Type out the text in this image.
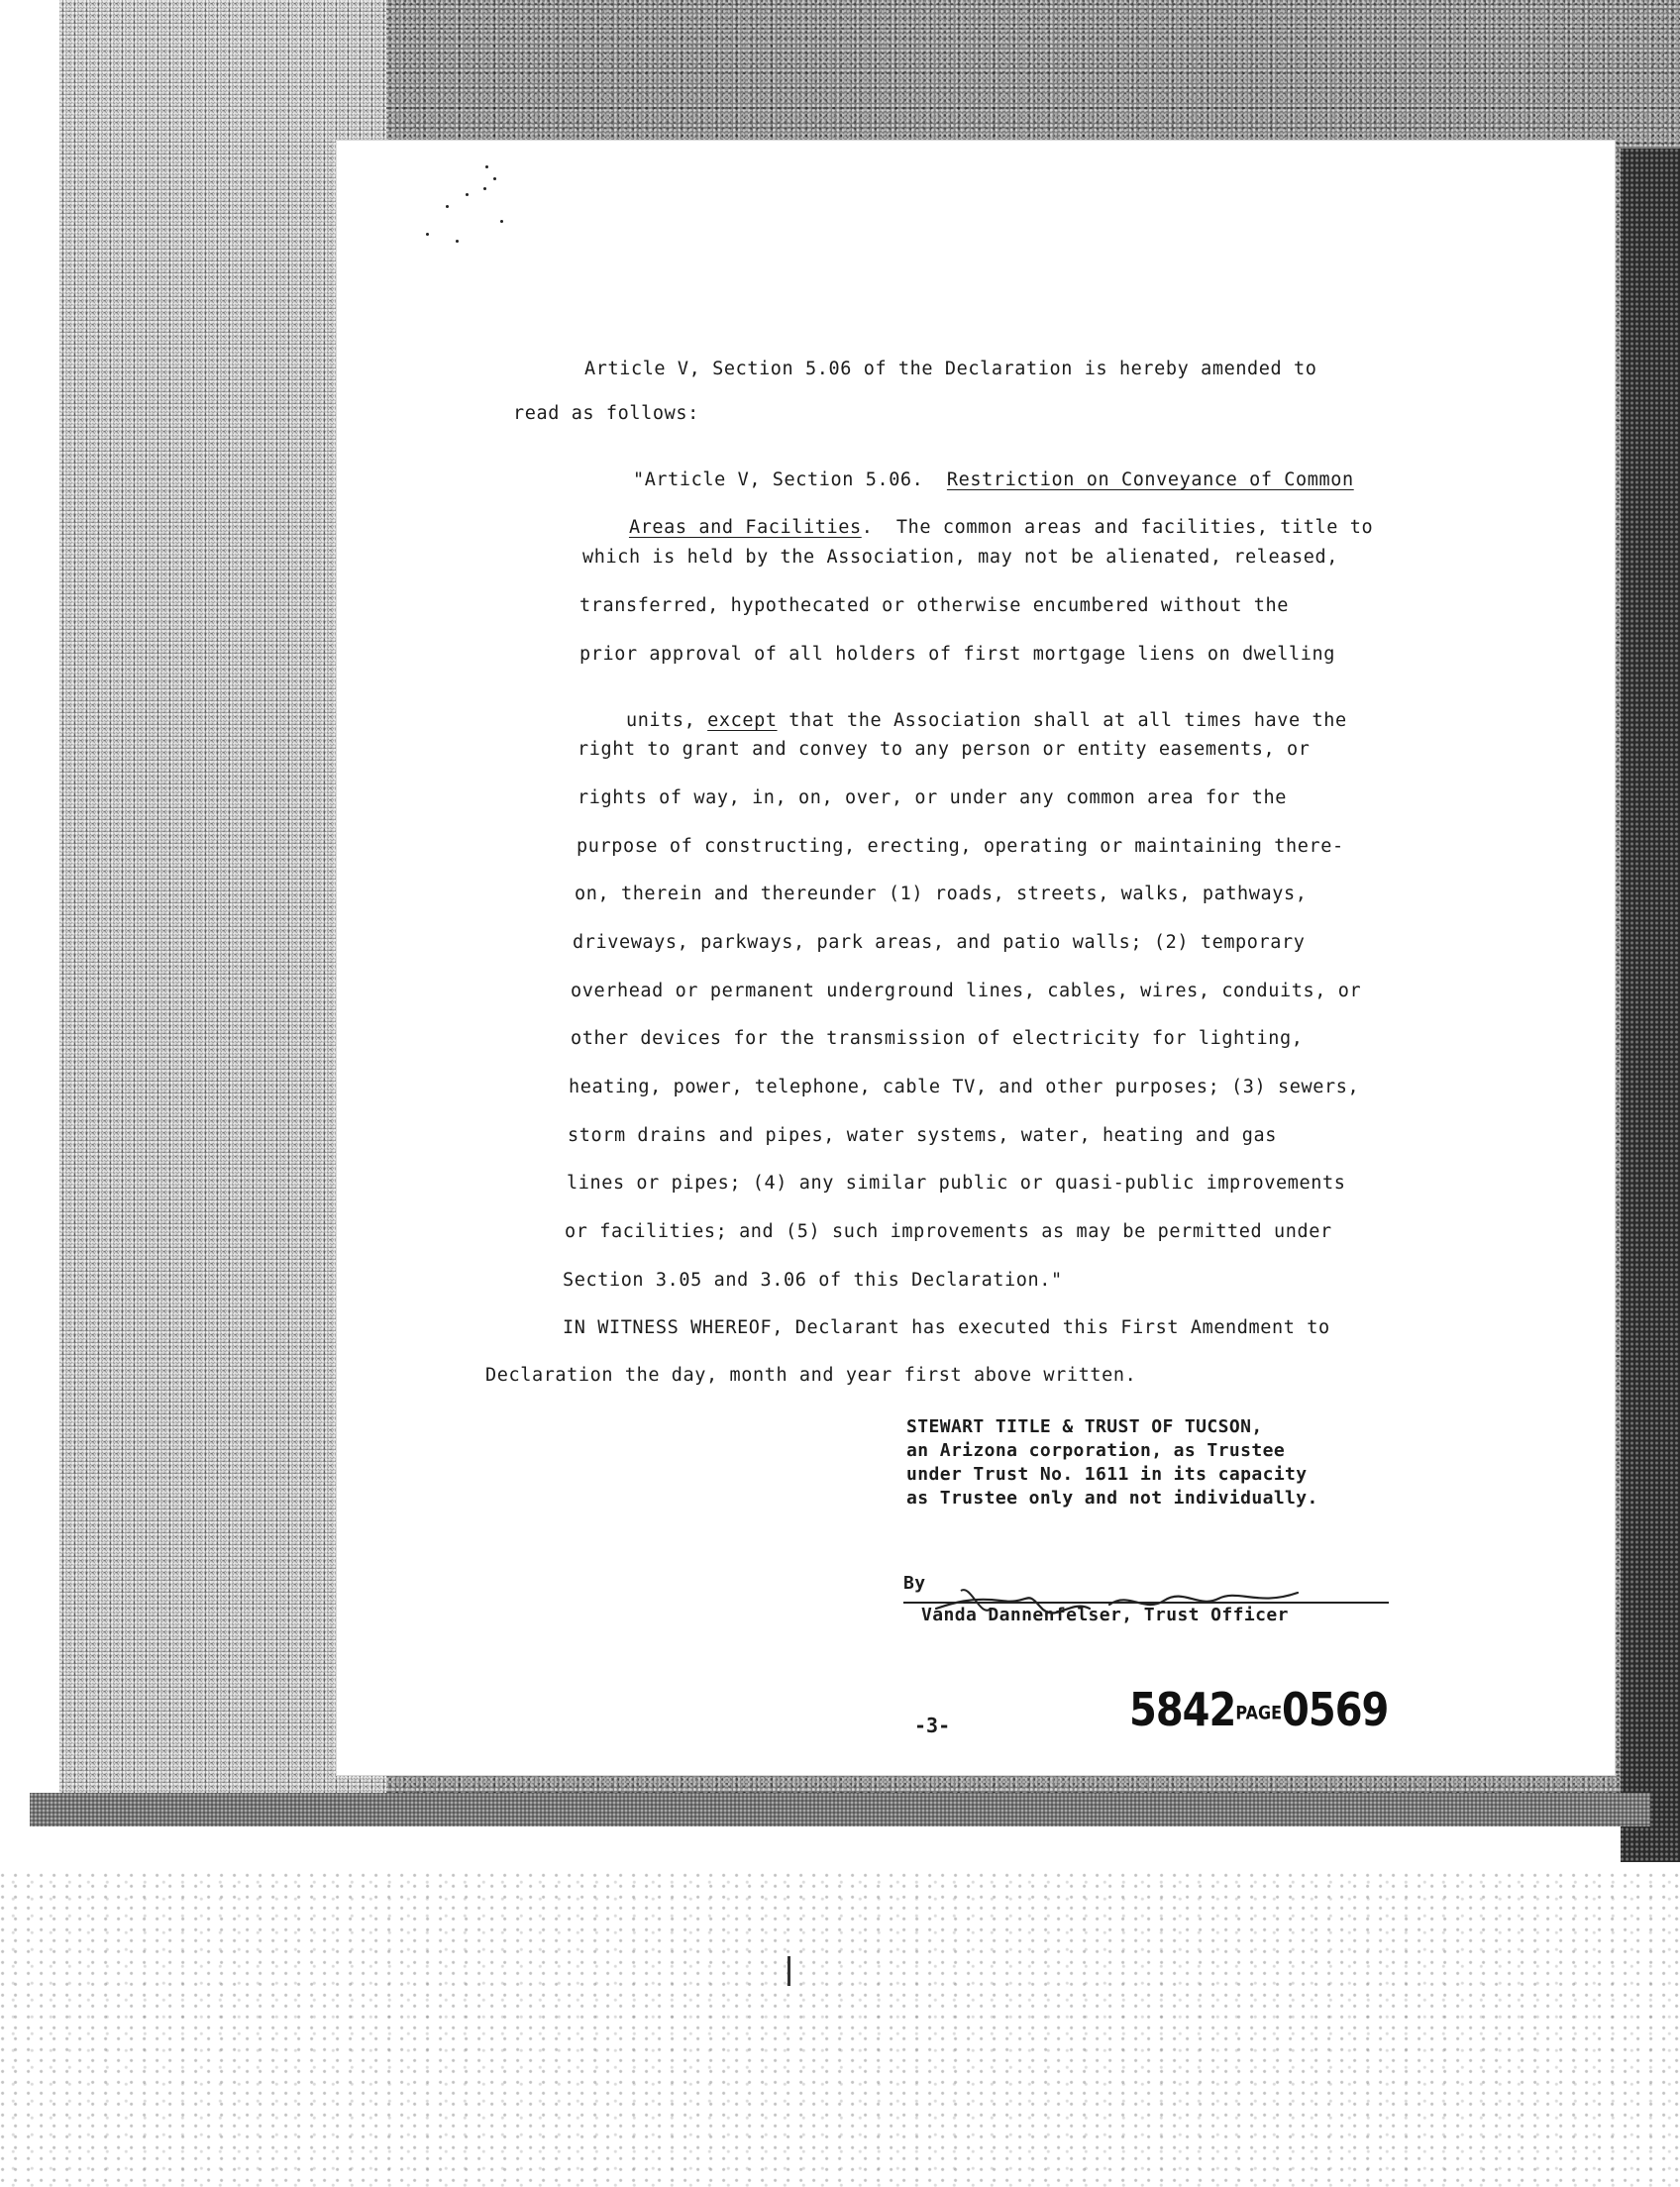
Article V, Section 5.06 of the Declaration is hereby amended to
read as follows:

"Article V, Section 5.06. Restriction on Conveyance of Common

Areas and Facilities.  The common areas and facilities, title to

which is held by the Association, may not be alienated, released,
transferred, hypothecated or otherwise encumbered without the
prior approval of all holders of first mortgage liens on dwelling

units, except that the Association shall at all times have the

right to grant and convey to any person or entity easements, or
rights of way, in, on, over, or under any common area for the
purpose of constructing, erecting, operating or maintaining there-
on, therein and thereunder (1) roads, streets, walks, pathways,
driveways, parkways, park areas, and patio walls; (2) temporary
overhead or permanent underground lines, cables, wires, conduits, or
other devices for the transmission of electricity for lighting,
heating, power, telephone, cable TV, and other purposes; (3) sewers,
storm drains and pipes, water systems, water, heating and gas
lines or pipes; (4) any similar public or quasi-public improvements
or facilities; and (5) such improvements as may be permitted under
Section 3.05 and 3.06 of this Declaration."
IN WITNESS WHEREOF, Declarant has executed this First Amendment to
Declaration the day, month and year first above written.
STEWART TITLE & TRUST OF TUCSON,
an Arizona corporation, as Trustee
under Trust No. 1611 in its capacity
as Trustee only and not individually.
By
Vanda Dannenfelser, Trust Officer
-3-	5842PAGE0569
